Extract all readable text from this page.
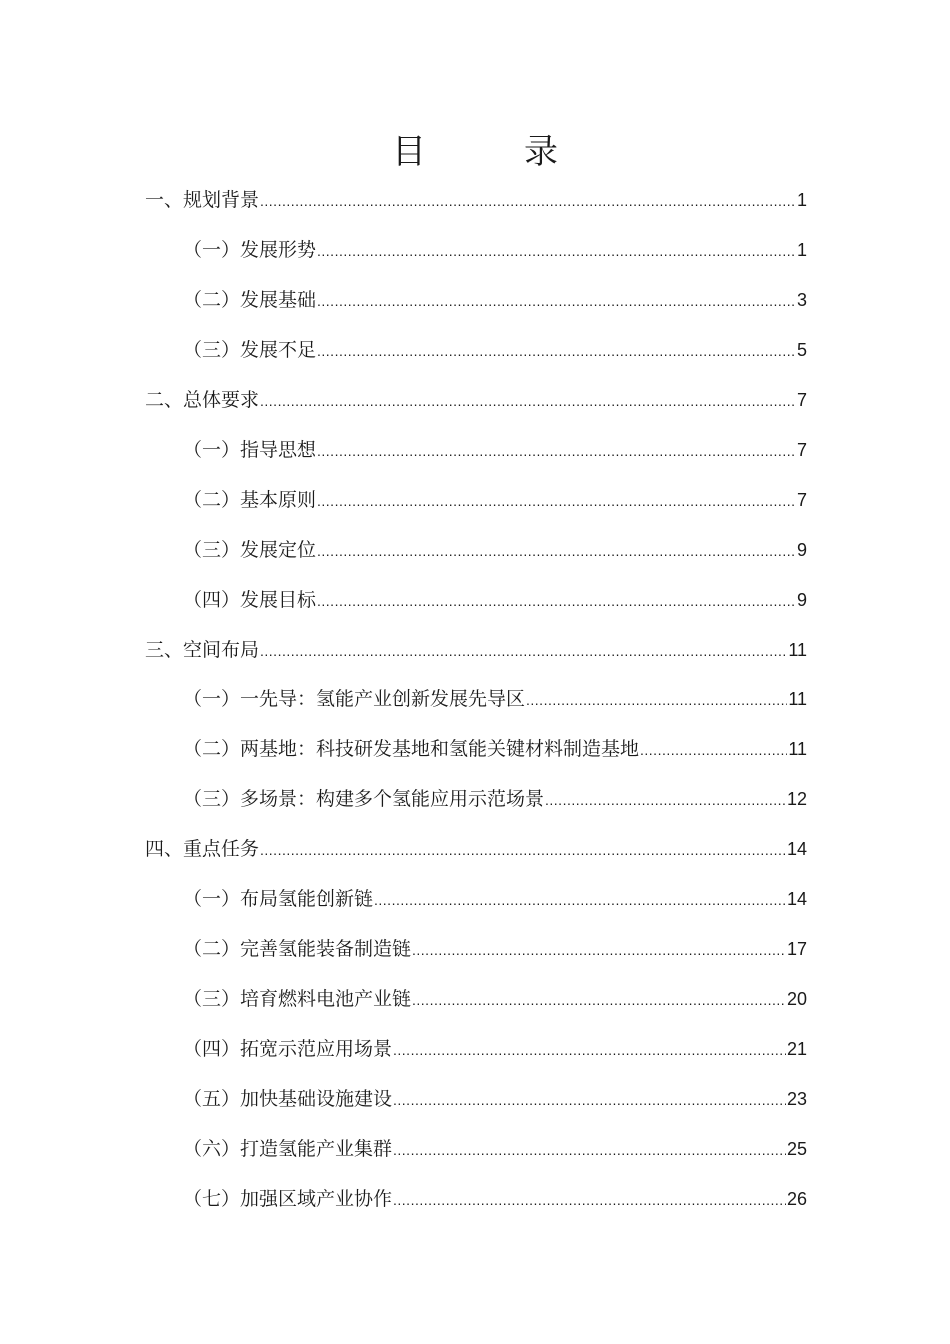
目　录
一、规划背景 .....	1
（一）发展形势 .....	1
（二）发展基础 .....	3
（三）发展不足 .....	5
二、总体要求 .....	7
（一）指导思想 .....	7
（二）基本原则 .....	7
（三）发展定位 .....	9
（四）发展目标 .....	9
三、空间布局 .....	11
（一）一先导：氢能产业创新发展先导区 .....	11
（二）两基地：科技研发基地和氢能关键材料制造基地 .....	11
（三）多场景：构建多个氢能应用示范场景 .....	12
四、重点任务 .....	14
（一）布局氢能创新链 .....	14
（二）完善氢能装备制造链 .....	17
（三）培育燃料电池产业链 .....	20
（四）拓宽示范应用场景 .....	21
（五）加快基础设施建设 .....	23
（六）打造氢能产业集群 .....	25
（七）加强区域产业协作 .....	26
